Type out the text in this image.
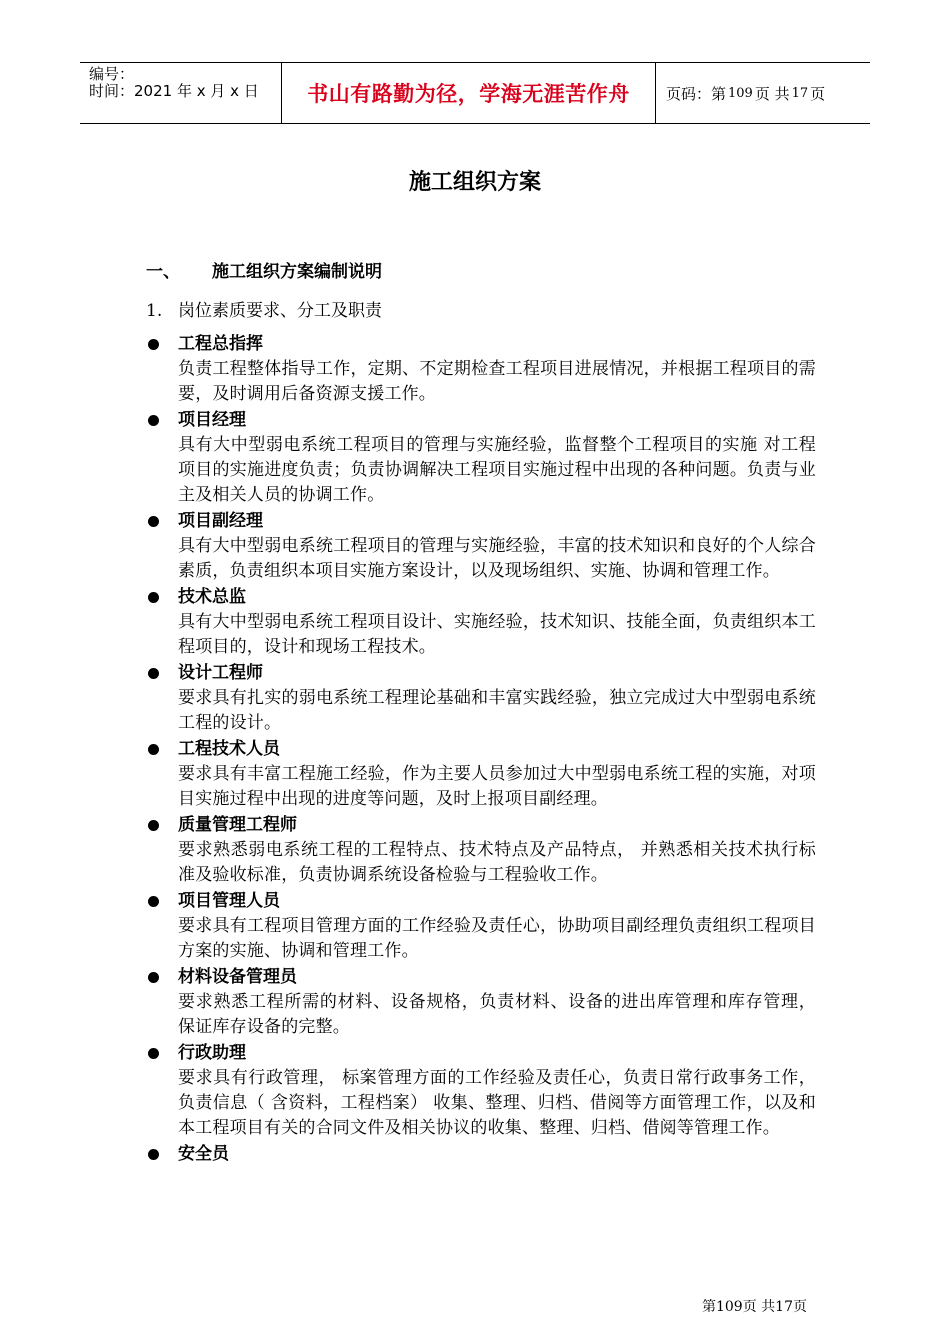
编号：
时间：2021 年 x 月 x 日	书山有路勤为径，学海无涯苦作舟	页码：第 109 页 共 17 页
施工组织方案
一、 施工组织方案编制说明
1. 岗位素质要求、分工及职责
工程总指挥
负责工程整体指导工作，定期、不定期检查工程项目进展情况，并根据工程项目的需要，及时调用后备资源支援工作。
项目经理
具有大中型弱电系统工程项目的管理与实施经验，监督整个工程项目的实施 对工程项目的实施进度负责；负责协调解决工程项目实施过程中出现的各种问题。负责与业主及相关人员的协调工作。
项目副经理
具有大中型弱电系统工程项目的管理与实施经验，丰富的技术知识和良好的个人综合素质，负责组织本项目实施方案设计，以及现场组织、实施、协调和管理工作。
技术总监
具有大中型弱电系统工程项目设计、实施经验，技术知识、技能全面，负责组织本工程项目的，设计和现场工程技术。
设计工程师
要求具有扎实的弱电系统工程理论基础和丰富实践经验，独立完成过大中型弱电系统工程的设计。
工程技术人员
要求具有丰富工程施工经验，作为主要人员参加过大中型弱电系统工程的实施，对项目实施过程中出现的进度等问题，及时上报项目副经理。
质量管理工程师
要求熟悉弱电系统工程的工程特点、技术特点及产品特点， 并熟悉相关技术执行标准及验收标准，负责协调系统设备检验与工程验收工作。
项目管理人员
要求具有工程项目管理方面的工作经验及责任心，协助项目副经理负责组织工程项目方案的实施、协调和管理工作。
材料设备管理员
要求熟悉工程所需的材料、设备规格，负责材料、设备的进出库管理和库存管理， 保证库存设备的完整。
行政助理
要求具有行政管理， 标案管理方面的工作经验及责任心，负责日常行政事务工作，负责信息（ 含资料，工程档案） 收集、整理、归档、借阅等方面管理工作，以及和本工程项目有关的合同文件及相关协议的收集、整理、归档、借阅等管理工作。
安全员
第109页 共17页
